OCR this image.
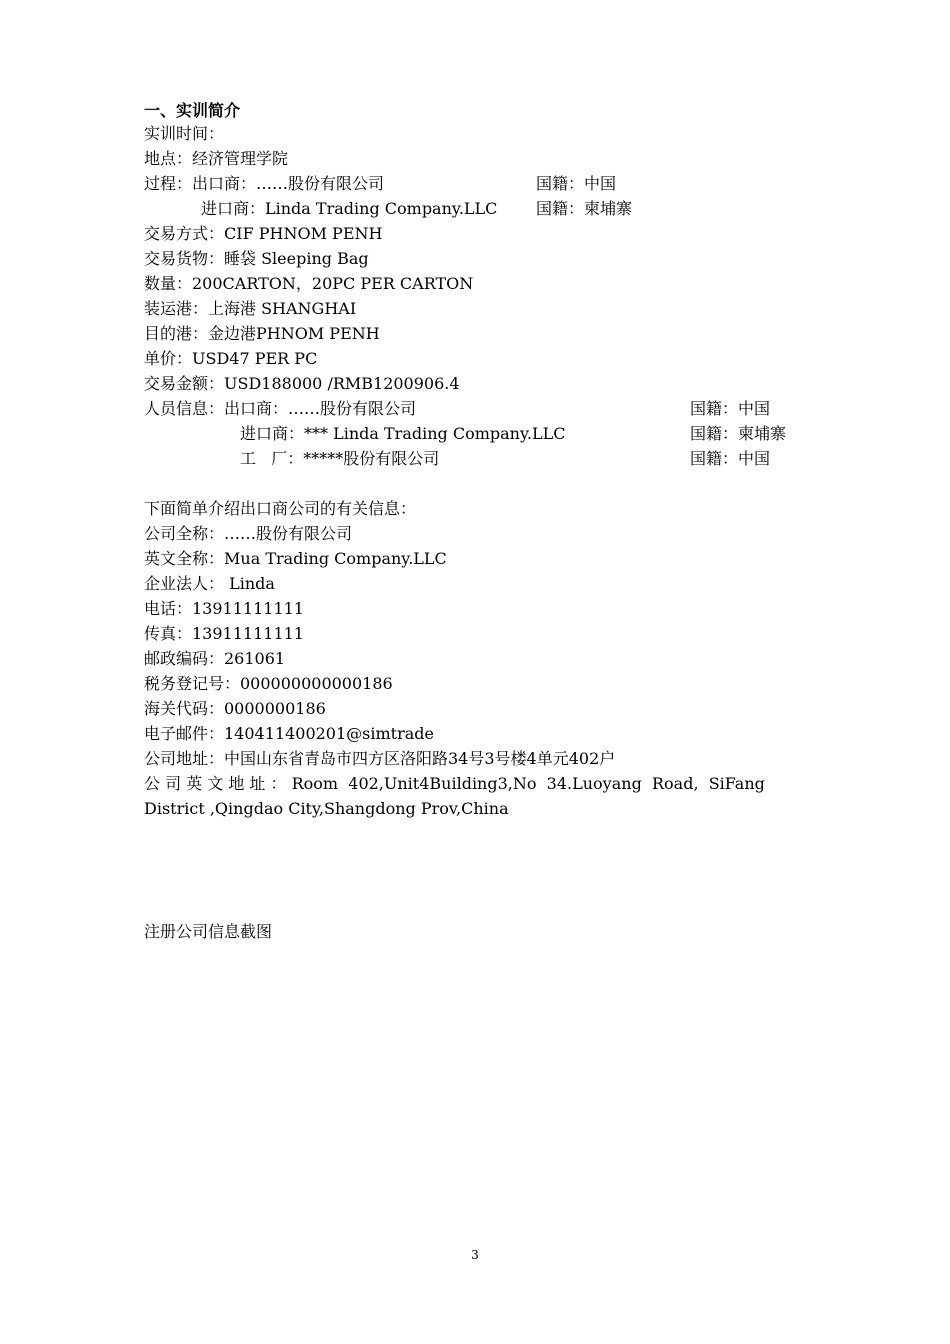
一、实训简介
实训时间：
地点：经济管理学院
过程：出口商：……股份有限公司	国籍：中国
进口商：Linda Trading Company.LLC 国籍：柬埔寨
交易方式：CIF PHNOM PENH
交易货物：睡袋 Sleeping Bag
数量：200CARTON，20PC PER CARTON
装运港：上海港 SHANGHAI
目的港：金边港PHNOM PENH
单价：USD47 PER PC
交易金额：USD188000 /RMB1200906.4
人员信息：出口商：……股份有限公司	国籍：中国
进口商：*** Linda Trading Company.LLC	国籍：柬埔寨
工   厂：*****股份有限公司	国籍：中国
下面简单介绍出口商公司的有关信息：
公司全称：……股份有限公司
英文全称：Mua Trading Company.LLC
企业法人： Linda
电话：13911111111
传真：13911111111
邮政编码：261061
税务登记号：000000000000186
海关代码：0000000186
电子邮件：140411400201@simtrade
公司地址：中国山东省青岛市四方区洛阳路34号3号楼4单元402户
公 司 英 文 地 址 ： Room  402,Unit4Building3,No  34.Luoyang  Road,  SiFang
District ,Qingdao City,Shangdong Prov,China
注册公司信息截图
3
